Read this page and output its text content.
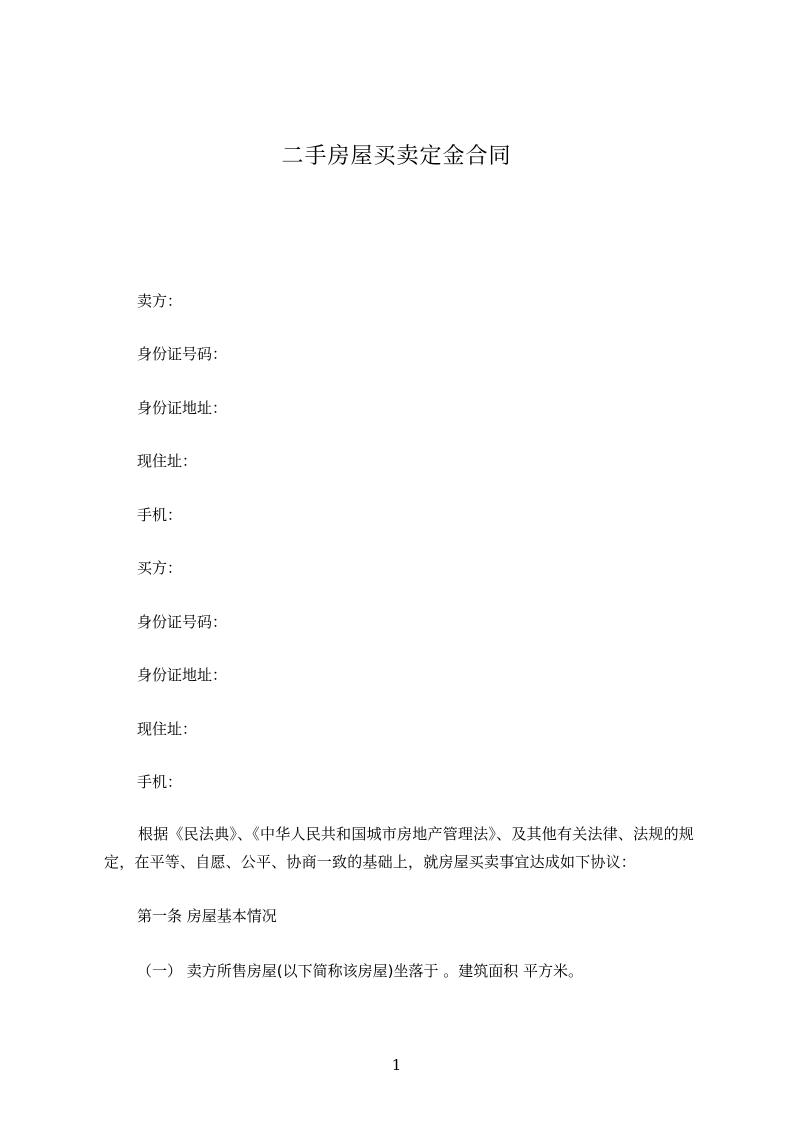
二手房屋买卖定金合同
卖方：
身份证号码：
身份证地址：
现住址：
手机：
买方：
身份证号码：
身份证地址：
现住址：
手机：
根据《民法典》、《中华人民共和国城市房地产管理法》、及其他有关法律、法规的规定，在平等、自愿、公平、协商一致的基础上，就房屋买卖事宜达成如下协议：
第一条 房屋基本情况
（一） 卖方所售房屋(以下简称该房屋)坐落于 。建筑面积 平方米。
1
